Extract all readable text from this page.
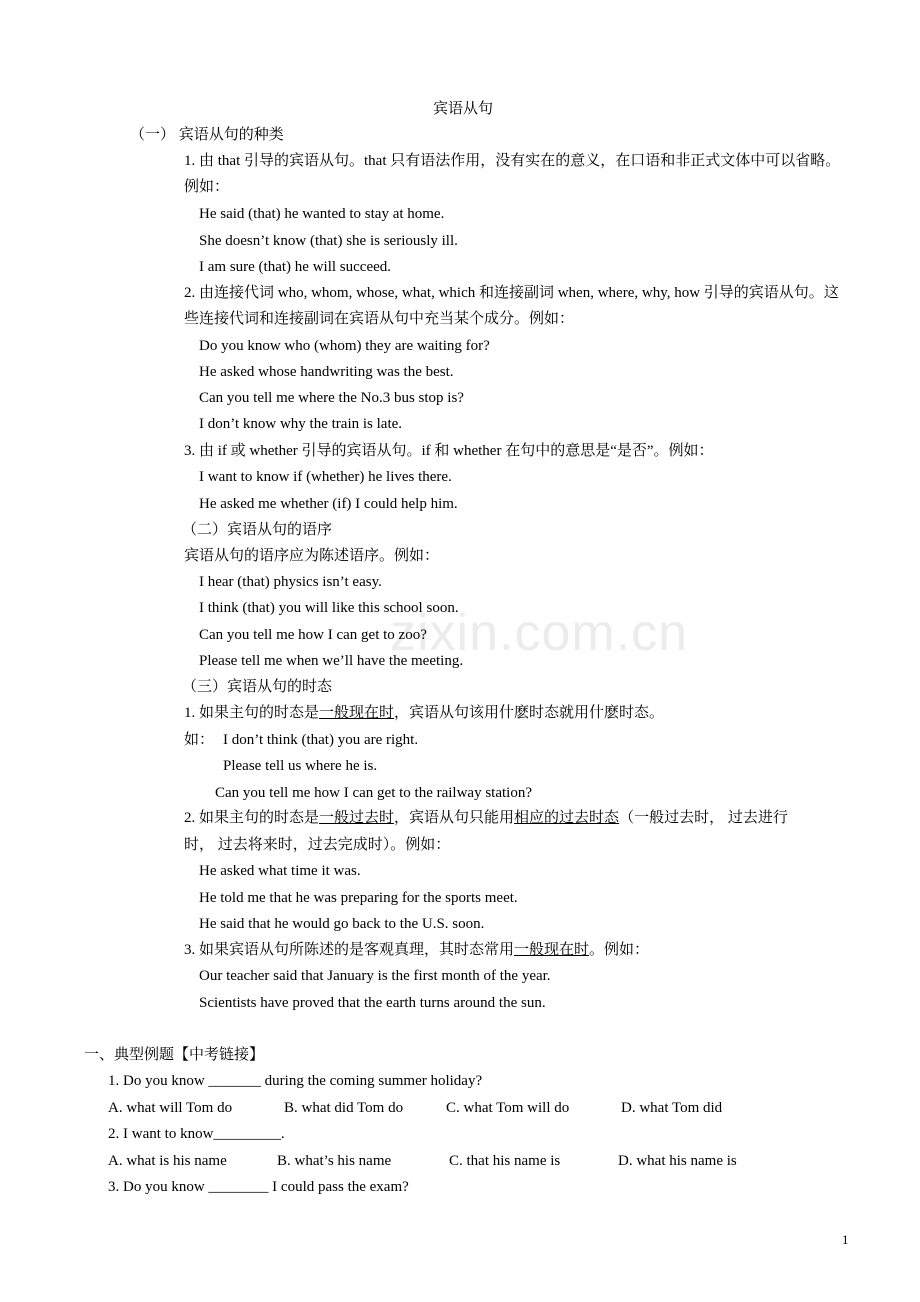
zixin.com.cn
宾语从句
（一） 宾语从句的种类
1. 由 that 引导的宾语从句。that 只有语法作用，没有实在的意义，在口语和非正式文体中可以省略。例如：
He said (that) he wanted to stay at home.
She doesn’t know (that) she is seriously ill.
I am sure (that) he will succeed.
2. 由连接代词 who, whom, whose, what, which 和连接副词 when, where, why, how 引导的宾语从句。这些连接代词和连接副词在宾语从句中充当某个成分。例如：
Do you know who (whom) they are waiting for?
He asked whose handwriting was the best.
Can you tell me where the No.3 bus stop is?
I don’t know why the train is late.
3. 由 if 或 whether 引导的宾语从句。if 和 whether 在句中的意思是“是否”。例如：
I want to know if (whether) he lives there.
He asked me whether (if) I could help him.
（二）宾语从句的语序
宾语从句的语序应为陈述语序。例如：
I hear (that) physics isn’t easy.
I think (that) you will like this school soon.
Can you tell me how I can get to zoo?
Please tell me when we’ll have the meeting.
（三）宾语从句的时态
1. 如果主句的时态是一般现在时，宾语从句该用什麽时态就用什麽时态。
如： I don’t think (that) you are right.
Please tell us where he is.
Can you tell me how I can get to the railway station?
2. 如果主句的时态是一般过去时，宾语从句只能用相应的过去时态（一般过去时， 过去进行
时， 过去将来时，过去完成时）。例如：
He asked what time it was.
He told me that he was preparing for the sports meet.
He said that he would go back to the U.S. soon.
3. 如果宾语从句所陈述的是客观真理，其时态常用一般现在时。例如：
Our teacher said that January is the first month of the year.
Scientists have proved that the earth turns around the sun.
一、典型例题【中考链接】
1. Do you know _______ during the coming summer holiday?
A. what will Tom do	B. what did Tom do	C. what Tom will do	D. what Tom did
2. I want to know_________.
A. what is his name	B. what’s his name	C. that his name is	D. what his name is
3. Do you know ________ I could pass the exam?
1
